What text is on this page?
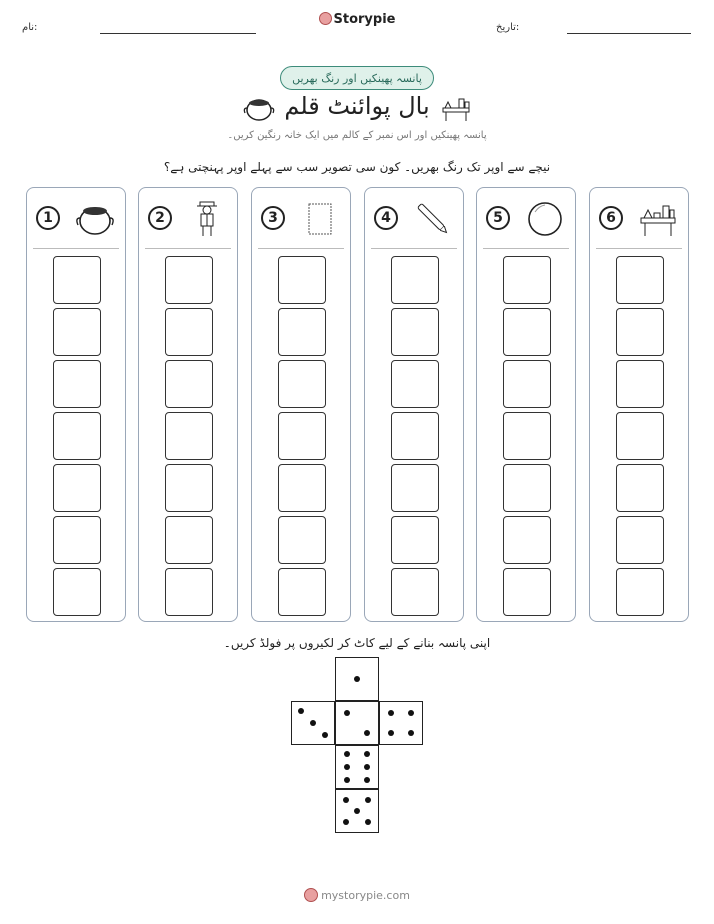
نام:
Storypie
تاریخ:
پانسہ پھینکیں اور رنگ بھریں
بال پوائنٹ قلم
پانسہ پھینکیں اور اس نمبر کے کالم میں ایک خانہ رنگین کریں۔
نیچے سے اوپر تک رنگ بھریں۔ کون سی تصویر سب سے پہلے اوپر پہنچتی ہے؟
1	2	3	4	5	6
اپنی پانسہ بنانے کے لیے کاٹ کر لکیروں پر فولڈ کریں۔
mystorypie.com
